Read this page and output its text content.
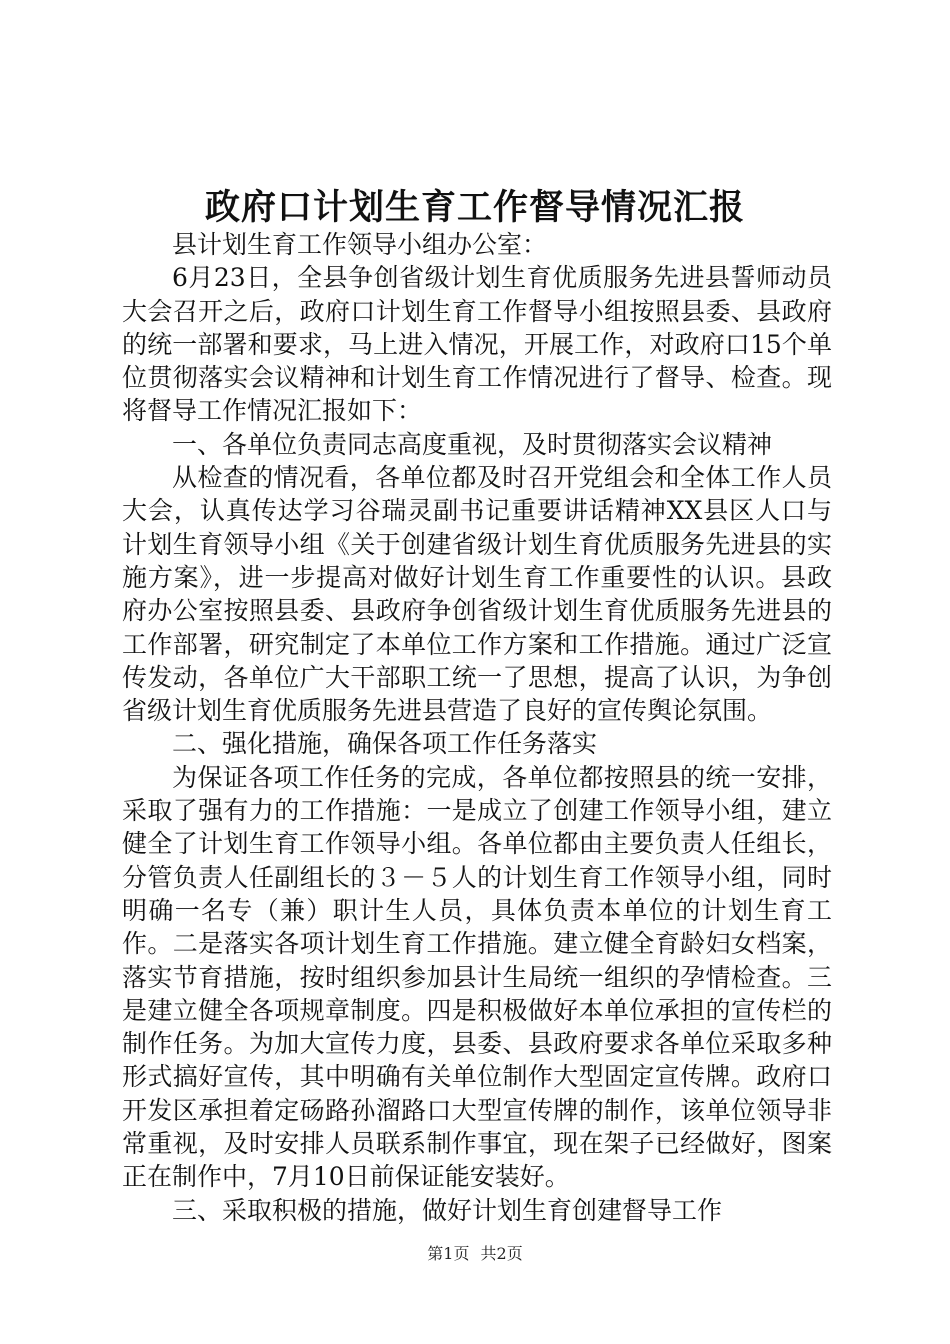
政府口计划生育工作督导情况汇报

县计划生育工作领导小组办公室：

6月23日，全县争创省级计划生育优质服务先进县誓师动员大会召开之后，政府口计划生育工作督导小组按照县委、县政府的统一部署和要求，马上进入情况，开展工作，对政府口15个单位贯彻落实会议精神和计划生育工作情况进行了督导、检查。现将督导工作情况汇报如下：

一、各单位负责同志高度重视，及时贯彻落实会议精神

从检查的情况看，各单位都及时召开党组会和全体工作人员大会，认真传达学习谷瑞灵副书记重要讲话精神XX县区人口与计划生育领导小组《关于创建省级计划生育优质服务先进县的实施方案》，进一步提高对做好计划生育工作重要性的认识。县政府办公室按照县委、县政府争创省级计划生育优质服务先进县的工作部署，研究制定了本单位工作方案和工作措施。通过广泛宣传发动，各单位广大干部职工统一了思想，提高了认识，为争创省级计划生育优质服务先进县营造了良好的宣传舆论氛围。

二、强化措施，确保各项工作任务落实

为保证各项工作任务的完成，各单位都按照县的统一安排，采取了强有力的工作措施：一是成立了创建工作领导小组，建立健全了计划生育工作领导小组。各单位都由主要负责人任组长，分管负责人任副组长的３－５人的计划生育工作领导小组，同时明确一名专（兼）职计生人员，具体负责本单位的计划生育工作。二是落实各项计划生育工作措施。建立健全育龄妇女档案，落实节育措施，按时组织参加县计生局统一组织的孕情检查。三是建立健全各项规章制度。四是积极做好本单位承担的宣传栏的制作任务。为加大宣传力度，县委、县政府要求各单位采取多种形式搞好宣传，其中明确有关单位制作大型固定宣传牌。政府口开发区承担着定砀路孙溜路口大型宣传牌的制作，该单位领导非常重视，及时安排人员联系制作事宜，现在架子已经做好，图案正在制作中，7月10日前保证能安装好。

三、采取积极的措施，做好计划生育创建督导工作

第1页 共2页
